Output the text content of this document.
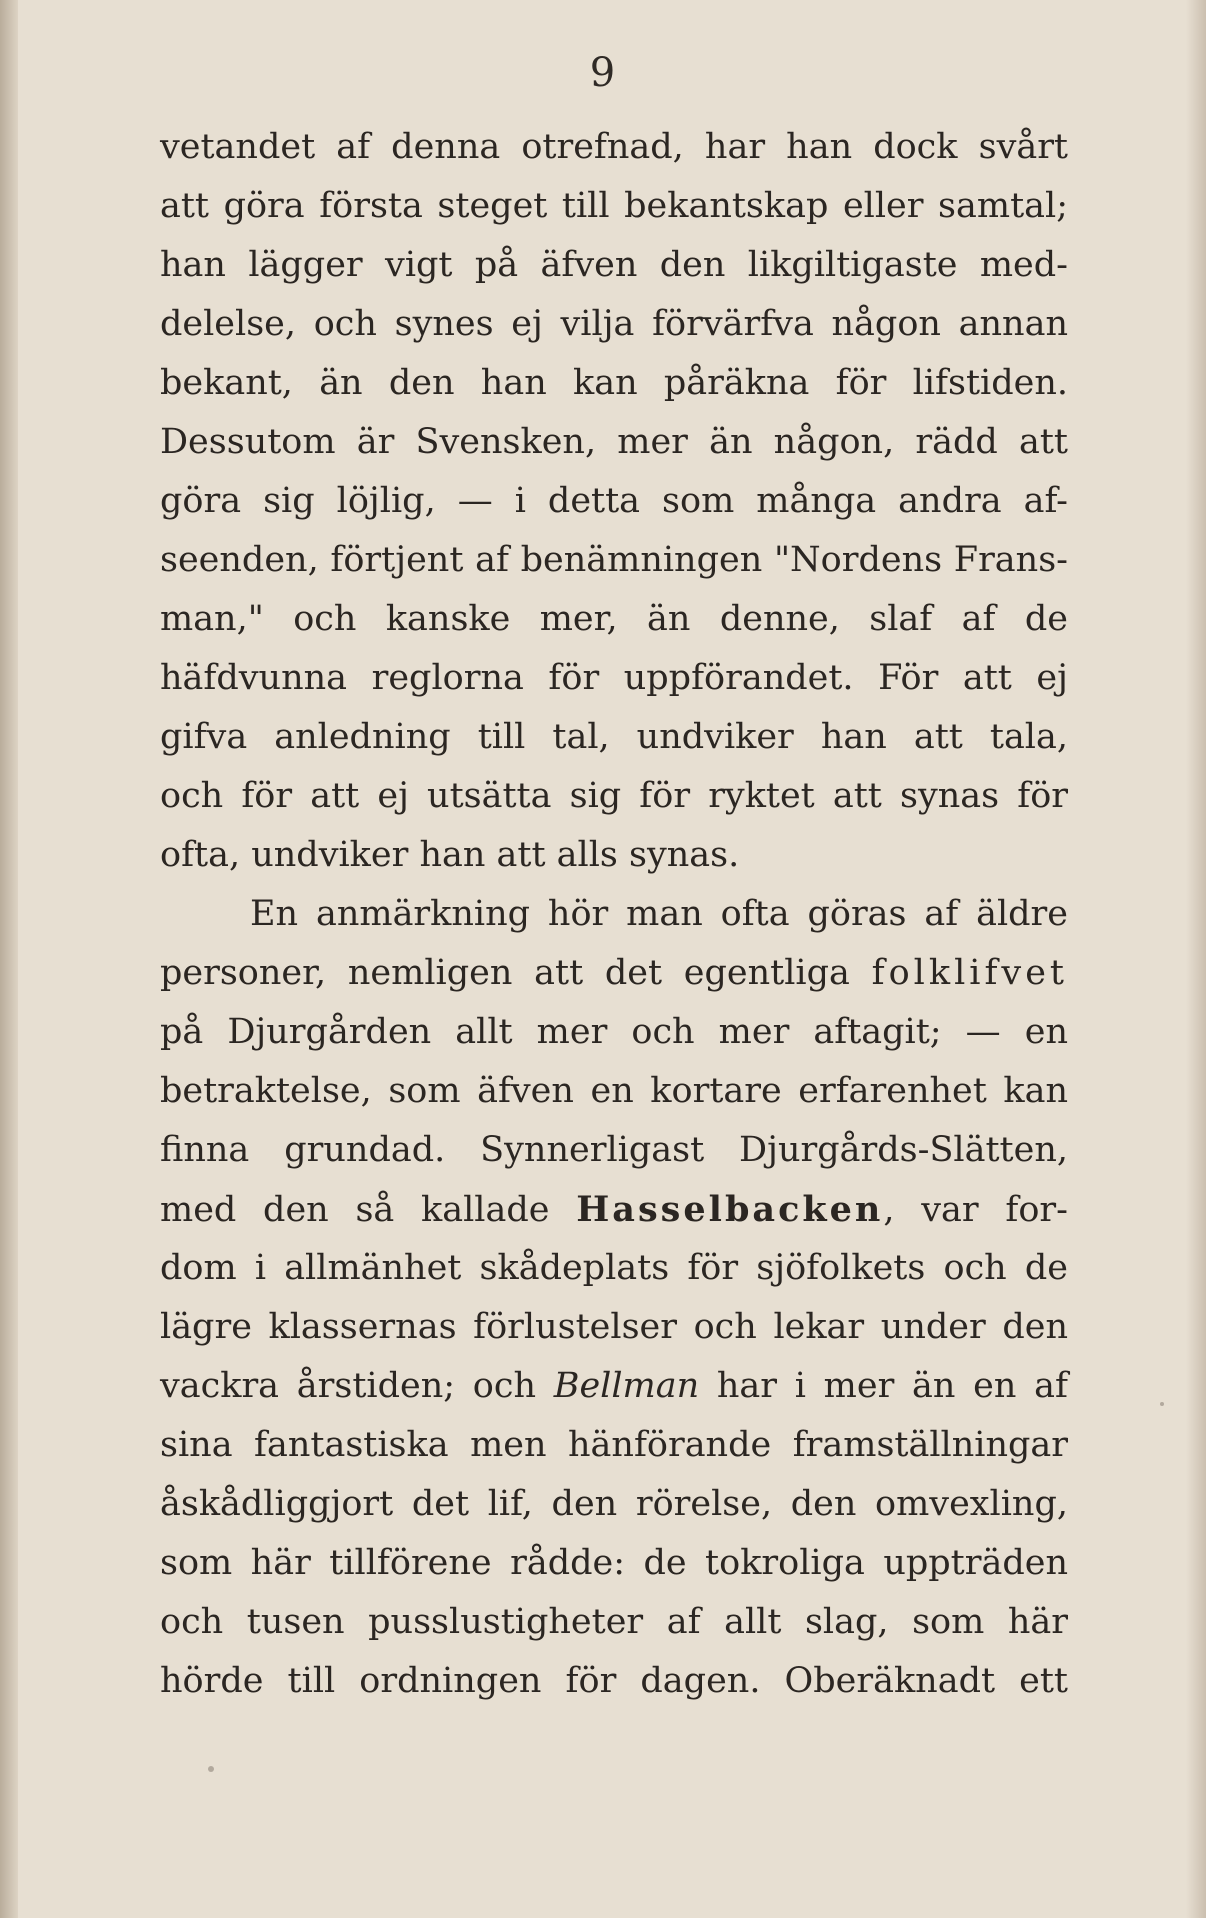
9
vetandet af denna otrefnad, har han dock svårt
att göra första steget till bekantskap eller samtal;
han lägger vigt på äfven den likgiltigaste med-
delelse, och synes ej vilja förvärfva någon annan
bekant, än den han kan påräkna för lifstiden.
Dessutom är Svensken, mer än någon, rädd att
göra sig löjlig, — i detta som många andra af-
seenden, förtjent af benämningen "Nordens Frans-
man," och kanske mer, än denne, slaf af de
häfdvunna reglorna för uppförandet. För att ej
gifva anledning till tal, undviker han att tala,
och för att ej utsätta sig för ryktet att synas för
ofta, undviker han att alls synas.
En anmärkning hör man ofta göras af äldre
personer, nemligen att det egentliga folklifvet
på Djurgården allt mer och mer aftagit; — en
betraktelse, som äfven en kortare erfarenhet kan
finna grundad. Synnerligast Djurgårds-Slätten,
med den så kallade Hasselbacken, var for-
dom i allmänhet skådeplats för sjöfolkets och de
lägre klassernas förlustelser och lekar under den
vackra årstiden; och Bellman har i mer än en af
sina fantastiska men hänförande framställningar
åskådliggjort det lif, den rörelse, den omvexling,
som här tillförene rådde: de tokroliga uppträden
och tusen pusslustigheter af allt slag, som här
hörde till ordningen för dagen. Oberäknadt ett
